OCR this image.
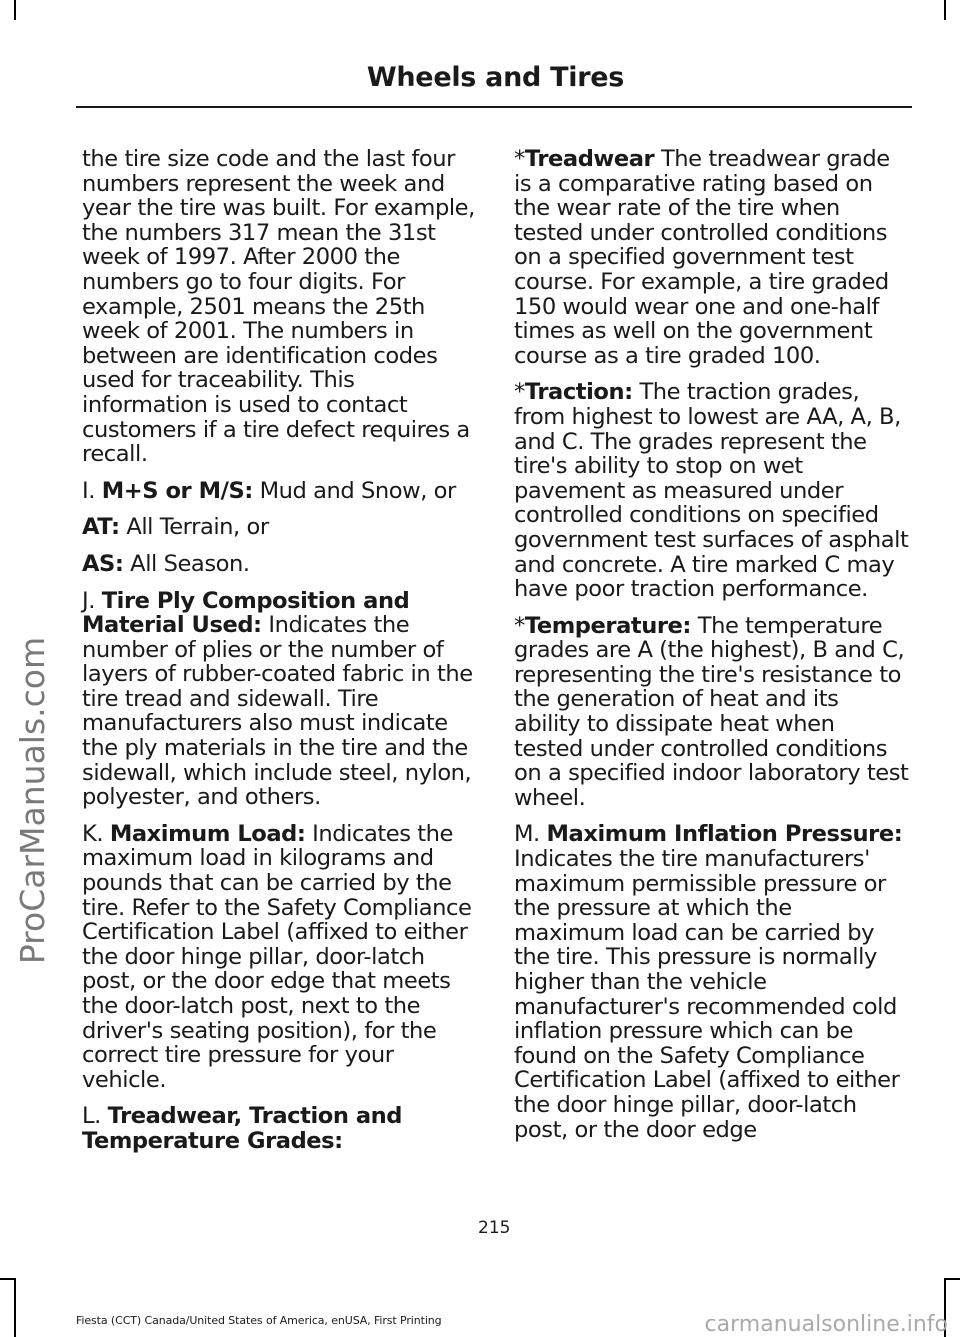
ProCarManuals.com
Wheels and Tires

the tire size code and the last four numbers represent the week and year the tire was built. For example, the numbers 317 mean the 31st week of 1997. After 2000 the numbers go to four digits. For example, 2501 means the 25th week of 2001. The numbers in between are identification codes used for traceability. This information is used to contact customers if a tire defect requires a recall.

I. M+S or M/S: Mud and Snow, or

AT: All Terrain, or

AS: All Season.

J. Tire Ply Composition and Material Used: Indicates the number of plies or the number of layers of rubber-coated fabric in the tire tread and sidewall. Tire manufacturers also must indicate the ply materials in the tire and the sidewall, which include steel, nylon, polyester, and others.

K. Maximum Load: Indicates the maximum load in kilograms and pounds that can be carried by the tire. Refer to the Safety Compliance Certification Label (affixed to either the door hinge pillar, door-latch post, or the door edge that meets the door-latch post, next to the driver's seating position), for the correct tire pressure for your vehicle.

L. Treadwear, Traction and Temperature Grades:

*Treadwear The treadwear grade is a comparative rating based on the wear rate of the tire when tested under controlled conditions on a specified government test course. For example, a tire graded 150 would wear one and one-half times as well on the government course as a tire graded 100.

*Traction: The traction grades, from highest to lowest are AA, A, B, and C. The grades represent the tire's ability to stop on wet pavement as measured under controlled conditions on specified government test surfaces of asphalt and concrete. A tire marked C may have poor traction performance.

*Temperature: The temperature grades are A (the highest), B and C, representing the tire's resistance to the generation of heat and its ability to dissipate heat when tested under controlled conditions on a specified indoor laboratory test wheel.

M. Maximum Inflation Pressure: Indicates the tire manufacturers' maximum permissible pressure or the pressure at which the maximum load can be carried by the tire. This pressure is normally higher than the vehicle manufacturer's recommended cold inflation pressure which can be found on the Safety Compliance Certification Label (affixed to either the door hinge pillar, door-latch post, or the door edge

215
Fiesta (CCT) Canada/United States of America, enUSA, First Printing	carmanualsonline.info
